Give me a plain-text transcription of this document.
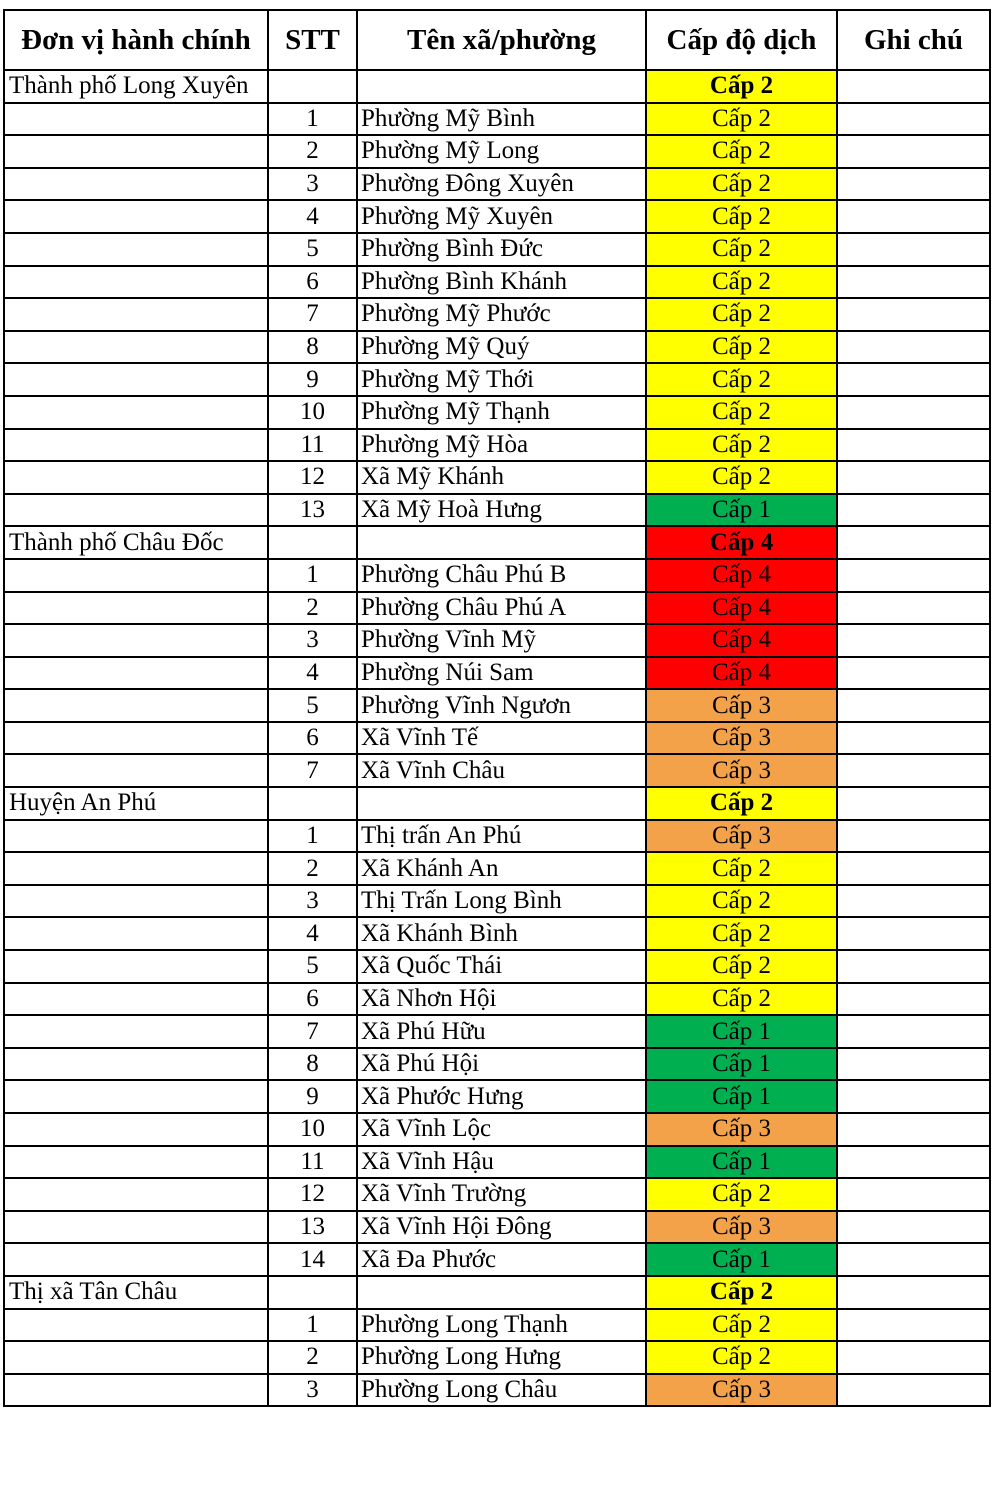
Đơn vị hành chính	STT	Tên xã/phường	Cấp độ dịch	Ghi chú
Thành phố Long Xuyên			Cấp 2	
	1	Phường Mỹ Bình	Cấp 2	
	2	Phường Mỹ Long	Cấp 2	
	3	Phường Đông Xuyên	Cấp 2	
	4	Phường Mỹ Xuyên	Cấp 2	
	5	Phường Bình Đức	Cấp 2	
	6	Phường Bình Khánh	Cấp 2	
	7	Phường Mỹ Phước	Cấp 2	
	8	Phường Mỹ Quý	Cấp 2	
	9	Phường Mỹ Thới	Cấp 2	
	10	Phường Mỹ Thạnh	Cấp 2	
	11	Phường Mỹ Hòa	Cấp 2	
	12	Xã Mỹ Khánh	Cấp 2	
	13	Xã Mỹ Hoà Hưng	Cấp 1	
Thành phố Châu Đốc			Cấp 4	
	1	Phường Châu Phú B	Cấp 4	
	2	Phường Châu Phú A	Cấp 4	
	3	Phường Vĩnh Mỹ	Cấp 4	
	4	Phường Núi Sam	Cấp 4	
	5	Phường Vĩnh Ngươn	Cấp 3	
	6	Xã Vĩnh Tế	Cấp 3	
	7	Xã Vĩnh Châu	Cấp 3	
Huyện An Phú			Cấp 2	
	1	Thị trấn An Phú	Cấp 3	
	2	Xã Khánh An	Cấp 2	
	3	Thị Trấn Long Bình	Cấp 2	
	4	Xã Khánh Bình	Cấp 2	
	5	Xã Quốc Thái	Cấp 2	
	6	Xã Nhơn Hội	Cấp 2	
	7	Xã Phú Hữu	Cấp 1	
	8	Xã Phú Hội	Cấp 1	
	9	Xã Phước Hưng	Cấp 1	
	10	Xã Vĩnh Lộc	Cấp 3	
	11	Xã Vĩnh Hậu	Cấp 1	
	12	Xã Vĩnh Trường	Cấp 2	
	13	Xã Vĩnh Hội Đông	Cấp 3	
	14	Xã Đa Phước	Cấp 1	
Thị xã Tân Châu			Cấp 2	
	1	Phường Long Thạnh	Cấp 2	
	2	Phường Long Hưng	Cấp 2	
	3	Phường Long Châu	Cấp 3	
